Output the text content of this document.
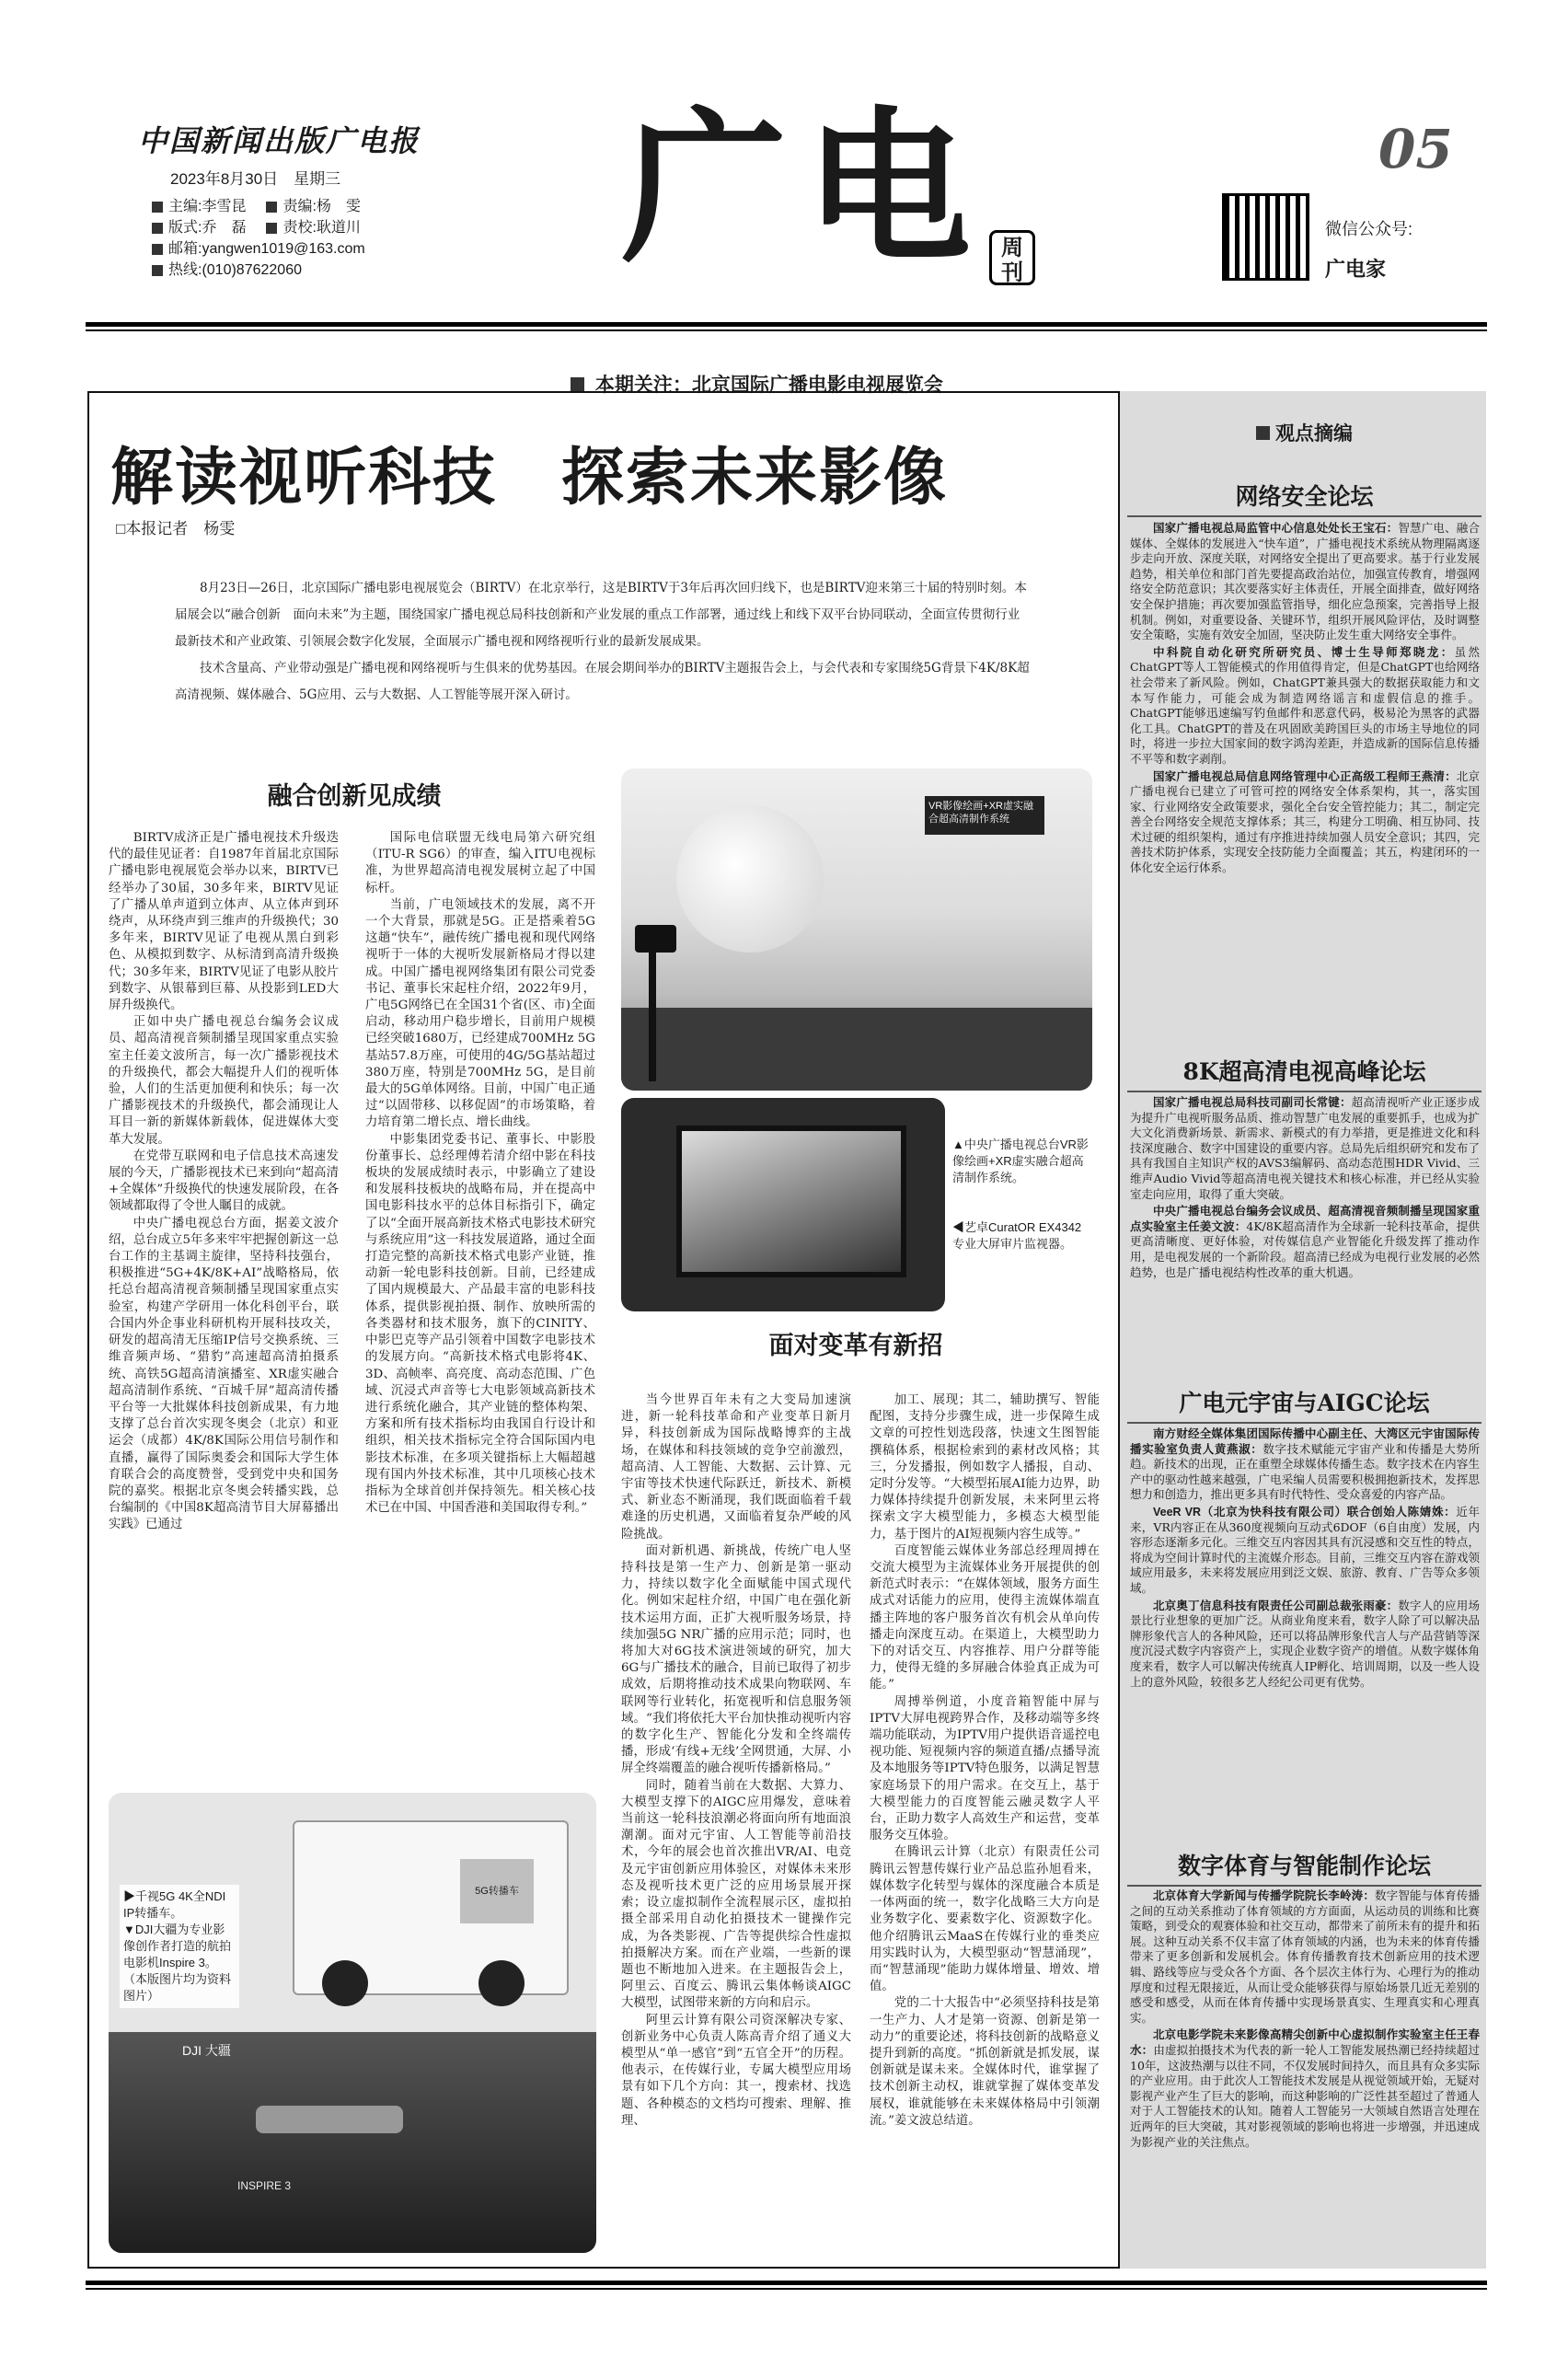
中国新闻出版广电报
2023年8月30日　星期三
主编: 李雪昆	责编: 杨　雯
版式: 乔　磊	责校: 耿道川
邮箱: yangwen1019@163.com
热线: (010)87622060 广电 周刊
05
微信公众号:
广电家
本期关注：北京国际广播电影电视展览会
解读视听科技　探索未来影像
□本报记者　杨雯

8月23日—26日，北京国际广播电影电视展览会（BIRTV）在北京举行，这是BIRTV于3年后再次回归线下，也是BIRTV迎来第三十届的特别时刻。本届展会以“融合创新　面向未来”为主题，围绕国家广播电视总局科技创新和产业发展的重点工作部署，通过线上和线下双平台协同联动，全面宣传贯彻行业最新技术和产业政策、引领展会数字化发展，全面展示广播电视和网络视听行业的最新发展成果。

技术含量高、产业带动强是广播电视和网络视听与生俱来的优势基因。在展会期间举办的BIRTV主题报告会上，与会代表和专家围绕5G背景下4K/8K超高清视频、媒体融合、5G应用、云与大数据、人工智能等展开深入研讨。

融合创新见成绩

BIRTV成济正是广播电视技术升级迭代的最佳见证者：自1987年首届北京国际广播电影电视展览会举办以来，BIRTV已经举办了30届，30多年来，BIRTV见证了广播从单声道到立体声、从立体声到环绕声，从环绕声到三维声的升级换代；30多年来，BIRTV见证了电视从黑白到彩色、从模拟到数字、从标清到高清升级换代；30多年来，BIRTV见证了电影从胶片到数字、从银幕到巨幕、从投影到LED大屏升级换代。

正如中央广播电视总台编务会议成员、超高清视音频制播呈现国家重点实验室主任姜文波所言，每一次广播影视技术的升级换代，都会大幅提升人们的视听体验，人们的生活更加便利和快乐；每一次广播影视技术的升级换代，都会涌现让人耳目一新的新媒体新载体，促进媒体大变革大发展。

在党带互联网和电子信息技术高速发展的今天，广播影视技术已来到向“超高清+全媒体”升级换代的快速发展阶段，在各领域都取得了令世人瞩目的成就。

中央广播电视总台方面，据姜文波介绍，总台成立5年多来牢牢把握创新这一总台工作的主基调主旋律，坚持科技强台，积极推进“5G+4K/8K+AI”战略格局，依托总台超高清视音频制播呈现国家重点实验室，构建产学研用一体化科创平台，联合国内外企事业科研机构开展科技攻关，研发的超高清无压缩IP信号交换系统、三维音频声场、“猎豹”高速超高清拍摄系统、高铁5G超高清演播室、XR虚实融合超高清制作系统、“百城千屏”超高清传播平台等一大批媒体科技创新成果，有力地支撑了总台首次实现冬奥会（北京）和亚运会（成都）4K/8K国际公用信号制作和直播，赢得了国际奥委会和国际大学生体育联合会的高度赞誉，受到党中央和国务院的嘉奖。根据北京冬奥会转播实践，总台编制的《中国8K超高清节目大屏幕播出实践》已通过

国际电信联盟无线电局第六研究组（ITU-R SG6）的审查，编入ITU电视标准，为世界超高清电视发展树立起了中国标杆。

当前，广电领域技术的发展，离不开一个大背景，那就是5G。正是搭乘着5G这趟“快车”，融传统广播电视和现代网络视听于一体的大视听发展新格局才得以建成。中国广播电视网络集团有限公司党委书记、董事长宋起柱介绍，2022年9月，广电5G网络已在全国31个省(区、市)全面启动，移动用户稳步增长，目前用户规模已经突破1680万，已经建成700MHz 5G基站57.8万座，可使用的4G/5G基站超过380万座，特别是700MHz 5G，是目前最大的5G单体网络。目前，中国广电正通过“以固带移、以移促固”的市场策略，着力培育第二增长点、增长曲线。

中影集团党委书记、董事长、中影股份董事长、总经理傅若清介绍中影在科技板块的发展成绩时表示，中影确立了建设和发展科技板块的战略布局，并在提高中国电影科技水平的总体目标指引下，确定了以“全面开展高新技术格式电影技术研究与系统应用”这一科技发展道路，通过全面打造完整的高新技术格式电影产业链，推动新一轮电影科技创新。目前，已经建成了国内规模最大、产品最丰富的电影科技体系，提供影视拍摄、制作、放映所需的各类器材和技术服务，旗下的CINITY、中影巴克等产品引领着中国数字电影技术的发展方向。“高新技术格式电影将4K、3D、高帧率、高亮度、高动态范围、广色域、沉浸式声音等七大电影领域高新技术进行系统化融合，其产业链的整体构架、方案和所有技术指标均由我国自行设计和组织，相关技术指标完全符合国际国内电影技术标准，在多项关键指标上大幅超越现有国内外技术标准，其中几项核心技术指标为全球首创并保持领先。相关核心技术已在中国、中国香港和美国取得专利。”

VR影像绘画+XR虚实融合超高清制作系统
▲中央广播电视总台VR影像绘画+XR虚实融合超高清制作系统。
◀艺卓CuratOR EX4342专业大屏审片监视器。
面对变革有新招

当今世界百年未有之大变局加速演进，新一轮科技革命和产业变革日新月异，科技创新成为国际战略博弈的主战场，在媒体和科技领域的竞争空前激烈，超高清、人工智能、大数据、云计算、元宇宙等技术快速代际跃迁，新技术、新模式、新业态不断涌现，我们既面临着千载难逢的历史机遇，又面临着复杂严峻的风险挑战。

面对新机遇、新挑战，传统广电人坚持科技是第一生产力、创新是第一驱动力，持续以数字化全面赋能中国式现代化。例如宋起柱介绍，中国广电在强化新技术运用方面，正扩大视听服务场景，持续加强5G NR广播的应用示范；同时，也将加大对6G技术演进领域的研究，加大6G与广播技术的融合，目前已取得了初步成效，后期将推动技术成果向物联网、车联网等行业转化，拓宽视听和信息服务领域。“我们将依托大平台加快推动视听内容的数字化生产、智能化分发和全终端传播，形成‘有线+无线’全网贯通，大屏、小屏全终端覆盖的融合视听传播新格局。”

同时，随着当前在大数据、大算力、大模型支撑下的AIGC应用爆发，意味着当前这一轮科技浪潮必将面向所有地面浪潮潮。面对元宇宙、人工智能等前沿技术，今年的展会也首次推出VR/AI、电竞及元宇宙创新应用体验区，对媒体未来形态及视听技术更广泛的应用场景展开探索；设立虚拟制作全流程展示区，虚拟拍摄全部采用自动化拍摄技术一键操作完成，为各类影视、广告等提供综合性虚拟拍摄解决方案。而在产业端，一些新的课题也不断地加入进来。在主题报告会上，阿里云、百度云、腾讯云集体畅谈AIGC大模型，试图带来新的方向和启示。

阿里云计算有限公司资深解决专家、创新业务中心负责人陈高青介绍了通义大模型从“单一感官”到“五官全开”的历程。他表示，在传媒行业，专属大模型应用场景有如下几个方向：其一，搜索材、找选题、各种模态的文档均可搜索、理解、推理、

加工、展现；其二，辅助撰写、智能配图，支持分步骤生成，进一步保障生成文章的可控性划选段落，快速文生图智能撰稿体系，根据检索到的素材改风格；其三，分发播报，例如数字人播报，自动、定时分发等。“大模型拓展AI能力边界，助力媒体持续提升创新发展，未来阿里云将探索文字大模型能力，多模态大模型能力，基于图片的AI短视频内容生成等。”

百度智能云媒体业务部总经理周搏在交流大模型为主流媒体业务开展提供的创新范式时表示：“在媒体领域，服务方面生成式对话能力的应用，使得主流媒体端直播主阵地的客户服务首次有机会从单向传播走向深度互动。在渠道上，大模型助力下的对话交互、内容推荐、用户分群等能力，使得无缝的多屏融合体验真正成为可能。”

周搏举例道，小度音箱智能中屏与IPTV大屏电视跨界合作，及移动端等多终端功能联动，为IPTV用户提供语音遥控电视功能、短视频内容的频道直播/点播导流及本地服务等IPTV特色服务，以满足智慧家庭场景下的用户需求。在交互上，基于大模型能力的百度智能云融灵数字人平台，正助力数字人高效生产和运营，变革服务交互体验。

在腾讯云计算（北京）有限责任公司腾讯云智慧传媒行业产品总监孙旭看来，媒体数字化转型与媒体的深度融合本质是一体两面的统一，数字化战略三大方向是业务数字化、要素数字化、资源数字化。他介绍腾讯云MaaS在传媒行业的垂类应用实践时认为，大模型驱动“智慧涌现”，而“智慧涌现”能助力媒体增量、增效、增值。

党的二十大报告中“必须坚持科技是第一生产力、人才是第一资源、创新是第一动力”的重要论述，将科技创新的战略意义提升到新的高度。“抓创新就是抓发展，谋创新就是谋未来。全媒体时代，谁掌握了技术创新主动权，谁就掌握了媒体变革发展权，谁就能够在未来媒体格局中引领潮流。”姜文波总结道。

5G转播车
DJI 大疆
INSPIRE 3
▶千视5G 4K全NDI IP转播车。
▼DJI大疆为专业影像创作者打造的航拍电影机Inspire 3。
（本版图片均为资料图片）
观点摘编
网络安全论坛

国家广播电视总局监管中心信息处处长王宝石：智慧广电、融合媒体、全媒体的发展进入“快车道”，广播电视技术系统从物理隔离逐步走向开放、深度关联，对网络安全提出了更高要求。基于行业发展趋势，相关单位和部门首先要提高政治站位，加强宣传教育，增强网络安全防范意识；其次要落实好主体责任，开展全面排查，做好网络安全保护措施；再次要加强监管指导，细化应急预案，完善指导上报机制。例如，对重要设备、关键环节，组织开展风险评估，及时调整安全策略，实施有效安全加固，坚决防止发生重大网络安全事件。

中科院自动化研究所研究员、博士生导师郑晓龙：虽然ChatGPT等人工智能模式的作用值得肯定，但是ChatGPT也给网络社会带来了新风险。例如，ChatGPT兼具强大的数据获取能力和文本写作能力，可能会成为制造网络谣言和虚假信息的推手。ChatGPT能够迅速编写钓鱼邮件和恶意代码，极易沦为黑客的武器化工具。ChatGPT的普及在巩固欧美跨国巨头的市场主导地位的同时，将进一步拉大国家间的数字鸿沟差距，并造成新的国际信息传播不平等和数字剥削。

国家广播电视总局信息网络管理中心正高级工程师王燕清：北京广播电视台已建立了可管可控的网络安全体系架构，其一，落实国家、行业网络安全政策要求，强化全台安全管控能力；其二，制定完善全台网络安全规范支撑体系；其三，构建分工明确、相互协同、技术过硬的组织架构，通过有序推进持续加强人员安全意识；其四，完善技术防护体系，实现安全技防能力全面覆盖；其五，构建闭环的一体化安全运行体系。

8K超高清电视高峰论坛

国家广播电视总局科技司副司长常键：超高清视听产业正逐步成为提升广电视听服务品质、推动智慧广电发展的重要抓手，也成为扩大文化消费新场景、新需求、新模式的有力举措，更是推进文化和科技深度融合、数字中国建设的重要内容。总局先后组织研究和发布了具有我国自主知识产权的AVS3编解码、高动态范围HDR Vivid、三维声Audio Vivid等超高清电视关键技术和核心标准，并已经从实验室走向应用，取得了重大突破。

中央广播电视总台编务会议成员、超高清视音频制播呈现国家重点实验室主任姜文波：4K/8K超高清作为全球新一轮科技革命，提供更高清晰度、更好体验，对传媒信息产业智能化升级发挥了推动作用，是电视发展的一个新阶段。超高清已经成为电视行业发展的必然趋势，也是广播电视结构性改革的重大机遇。

广电元宇宙与AIGC论坛

南方财经全媒体集团国际传播中心副主任、大湾区元宇宙国际传播实验室负责人黄燕淑：数字技术赋能元宇宙产业和传播是大势所趋。新技术的出现，正在重塑全球媒体传播生态。数字技术在内容生产中的驱动性越来越强，广电采编人员需要积极拥抱新技术，发挥思想力和创造力，推出更多具有时代特性、受众喜爱的内容产品。

VeeR VR（北京为快科技有限公司）联合创始人陈婧姝：近年来，VR内容正在从360度视频向互动式6DOF（6自由度）发展，内容形态逐渐多元化。三维交互内容因其具有沉浸感和交互性的特点，将成为空间计算时代的主流媒介形态。目前，三维交互内容在游戏领域应用最多，未来将发展应用到泛文娱、旅游、教育、广告等众多领域。

北京奥丁信息科技有限责任公司副总裁张雨豪：数字人的应用场景比行业想象的更加广泛。从商业角度来看，数字人除了可以解决品牌形象代言人的各种风险，还可以将品牌形象代言人与产品营销等深度沉浸式数字内容资产上，实现企业数字资产的增值。从数字媒体角度来看，数字人可以解决传统真人IP孵化、培训周期，以及一些人设上的意外风险，较很多艺人经纪公司更有优势。

数字体育与智能制作论坛

北京体育大学新闻与传播学院院长李岭涛：数字智能与体育传播之间的互动关系推动了体育领域的方方面面，从运动员的训练和比赛策略，到受众的观赛体验和社交互动，都带来了前所未有的提升和拓展。这种互动关系不仅丰富了体育领域的内涵，也为未来的体育传播带来了更多创新和发展机会。体育传播教育技术创新应用的技术逻辑、路线等应与受众各个方面、各个层次主体行为、心理行为的推动厚度和过程无限接近，从而让受众能够获得与原始场景几近无差别的感受和感受，从而在体育传播中实现场景真实、生理真实和心理真实。

北京电影学院未来影像高精尖创新中心虚拟制作实验室主任王春水：由虚拟拍摄技术为代表的新一轮人工智能发展热潮已经持续超过10年，这波热潮与以往不同，不仅发展时间持久，而且具有众多实际的产业应用。由于此次人工智能技术发展是从视觉领域开始，无疑对影视产业产生了巨大的影响，而这种影响的广泛性甚至超过了普通人对于人工智能技术的认知。随着人工智能另一大领域自然语言处理在近两年的巨大突破，其对影视领域的影响也将进一步增强，并迅速成为影视产业的关注焦点。
